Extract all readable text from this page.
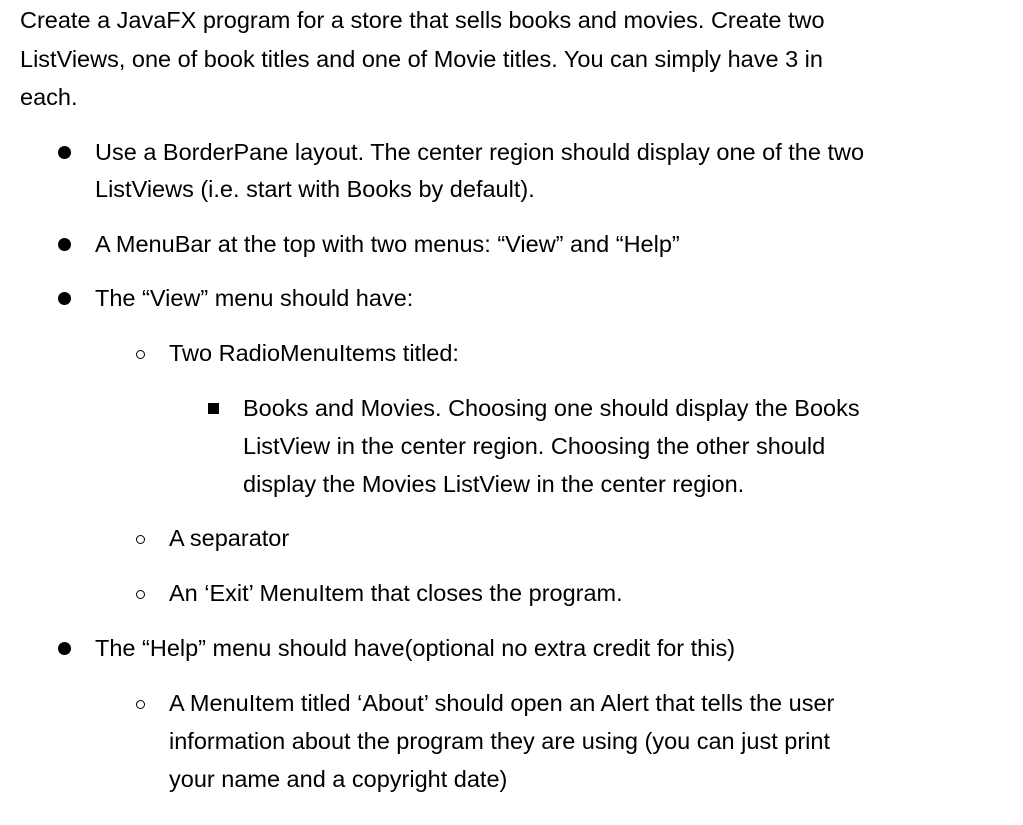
Create a JavaFX program for a store that sells books and movies. Create two
ListViews, one of book titles and one of Movie titles. You can simply have 3 in
each.
Use a BorderPane layout. The center region should display one of the two
ListViews (i.e. start with Books by default).
A MenuBar at the top with two menus: “View” and “Help”
The “View” menu should have:
Two RadioMenuItems titled:
Books and Movies. Choosing one should display the Books
ListView in the center region. Choosing the other should
display the Movies ListView in the center region.
A separator
An ‘Exit’ MenuItem that closes the program.
The “Help” menu should have(optional no extra credit for this)
A MenuItem titled ‘About’ should open an Alert that tells the user
information about the program they are using (you can just print
your name and a copyright date)
